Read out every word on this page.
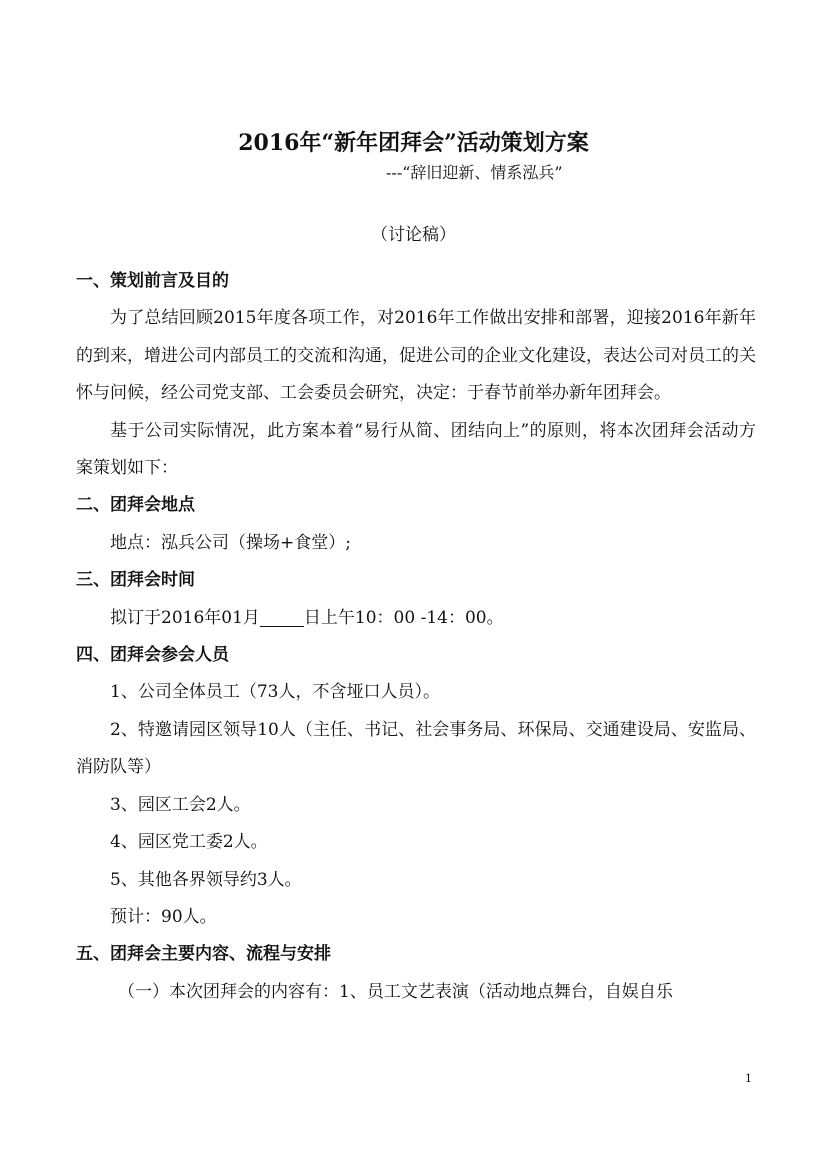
2016年“新年团拜会”活动策划方案
---“辞旧迎新、情系泓兵”
（讨论稿）

一、策划前言及目的

为了总结回顾2015年度各项工作，对2016年工作做出安排和部署，迎接2016年新年的到来，增进公司内部员工的交流和沟通，促进公司的企业文化建设，表达公司对员工的关怀与问候，经公司党支部、工会委员会研究，决定：于春节前举办新年团拜会。

基于公司实际情况，此方案本着“易行从简、团结向上”的原则，将本次团拜会活动方案策划如下：

二、团拜会地点

地点：泓兵公司（操场+食堂）;

三、团拜会时间

拟订于2016年01月	日上午10：00 -14：00。

四、团拜会参会人员

1、公司全体员工（73人，不含垭口人员）。

2、特邀请园区领导10人（主任、书记、社会事务局、环保局、交通建设局、安监局、消防队等）

3、园区工会2人。

4、园区党工委2人。

5、其他各界领导约3人。

预计：90人。

五、团拜会主要内容、流程与安排

（一）本次团拜会的内容有：1、员工文艺表演（活动地点舞台，自娱自乐

1
